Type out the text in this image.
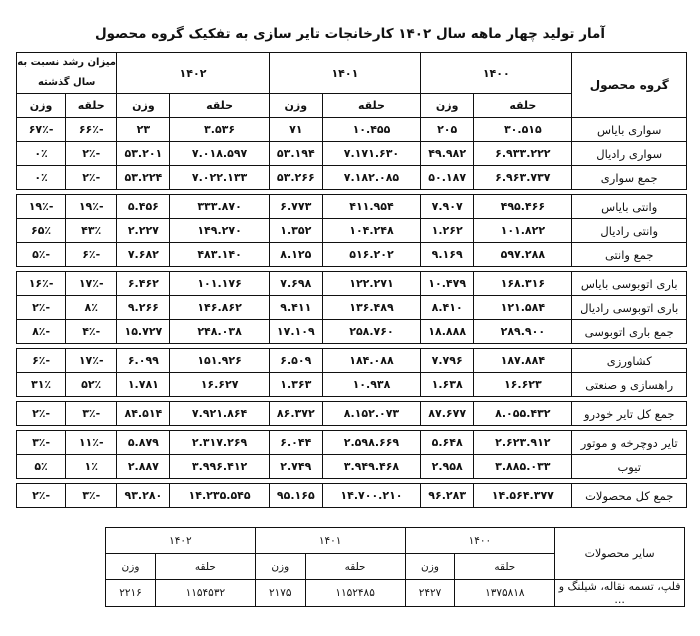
آمار تولید چهار ماهه سال ۱۴۰۲ کارخانجات تایر سازی به تفکیک گروه محصول
گروه محصول	۱۴۰۰		۱۴۰۱		۱۴۰۲		میزان رشد نسبت به سال گذشته	
	حلقه	وزن	حلقه	وزن	حلقه	وزن	حلقه	وزن
سواری بایاس	۳۰.۵۱۵	۲۰۵	۱۰.۴۵۵	۷۱	۳.۵۳۶	۲۳	-۶۶٪	-۶۷٪
سواری رادیال	۶.۹۳۳.۲۲۲	۴۹.۹۸۲	۷.۱۷۱.۶۳۰	۵۳.۱۹۴	۷.۰۱۸.۵۹۷	۵۳.۲۰۱	-۲٪	۰٪
جمع سواری	۶.۹۶۳.۷۳۷	۵۰.۱۸۷	۷.۱۸۲.۰۸۵	۵۳.۲۶۶	۷.۰۲۲.۱۳۳	۵۳.۲۲۴	-۲٪	۰٪

وانتی بایاس	۴۹۵.۴۶۶	۷.۹۰۷	۴۱۱.۹۵۴	۶.۷۷۳	۳۳۳.۸۷۰	۵.۴۵۶	-۱۹٪	-۱۹٪
وانتی رادیال	۱۰۱.۸۲۲	۱.۲۶۲	۱۰۴.۲۴۸	۱.۳۵۲	۱۴۹.۲۷۰	۲.۲۲۷	۴۳٪	۶۵٪
جمع وانتی	۵۹۷.۲۸۸	۹.۱۶۹	۵۱۶.۲۰۲	۸.۱۲۵	۴۸۳.۱۴۰	۷.۶۸۲	-۶٪	-۵٪

باری اتوبوسی بایاس	۱۶۸.۳۱۶	۱۰.۴۷۹	۱۲۲.۲۷۱	۷.۶۹۸	۱۰۱.۱۷۶	۶.۴۶۲	-۱۷٪	-۱۶٪
باری اتوبوسی رادیال	۱۲۱.۵۸۴	۸.۴۱۰	۱۳۶.۴۸۹	۹.۴۱۱	۱۴۶.۸۶۲	۹.۲۶۶	۸٪	-۲٪
جمع باری اتوبوسی	۲۸۹.۹۰۰	۱۸.۸۸۸	۲۵۸.۷۶۰	۱۷.۱۰۹	۲۴۸.۰۳۸	۱۵.۷۲۷	-۴٪	-۸٪

کشاورزی	۱۸۷.۸۸۴	۷.۷۹۶	۱۸۴.۰۸۸	۶.۵۰۹	۱۵۱.۹۲۶	۶.۰۹۹	-۱۷٪	-۶٪
راهسازی و صنعتی	۱۶.۶۲۳	۱.۶۳۸	۱۰.۹۳۸	۱.۳۶۳	۱۶.۶۲۷	۱.۷۸۱	۵۲٪	۳۱٪

جمع کل تایر خودرو	۸.۰۵۵.۴۳۲	۸۷.۶۷۷	۸.۱۵۲.۰۷۳	۸۶.۳۷۲	۷.۹۲۱.۸۶۴	۸۴.۵۱۴	-۳٪	-۲٪

تایر دوچرخه و موتور	۲.۶۲۳.۹۱۲	۵.۶۴۸	۲.۵۹۸.۶۶۹	۶.۰۴۴	۲.۳۱۷.۲۶۹	۵.۸۷۹	-۱۱٪	-۳٪
تیوب	۳.۸۸۵.۰۳۳	۲.۹۵۸	۳.۹۴۹.۴۶۸	۲.۷۴۹	۳.۹۹۶.۴۱۲	۲.۸۸۷	۱٪	۵٪

جمع کل محصولات	۱۴.۵۶۴.۳۷۷	۹۶.۲۸۳	۱۴.۷۰۰.۲۱۰	۹۵.۱۶۵	۱۴.۲۳۵.۵۴۵	۹۳.۲۸۰	-۳٪	-۲٪
سایر محصولات	۱۴۰۰		۱۴۰۱		۱۴۰۲	
	حلقه	وزن	حلقه	وزن	حلقه	وزن
فلپ، تسمه نقاله، شیلنگ و ...	۱۳۷۵۸۱۸	۲۴۲۷	۱۱۵۲۴۸۵	۲۱۷۵	۱۱۵۴۵۳۲	۲۲۱۶
